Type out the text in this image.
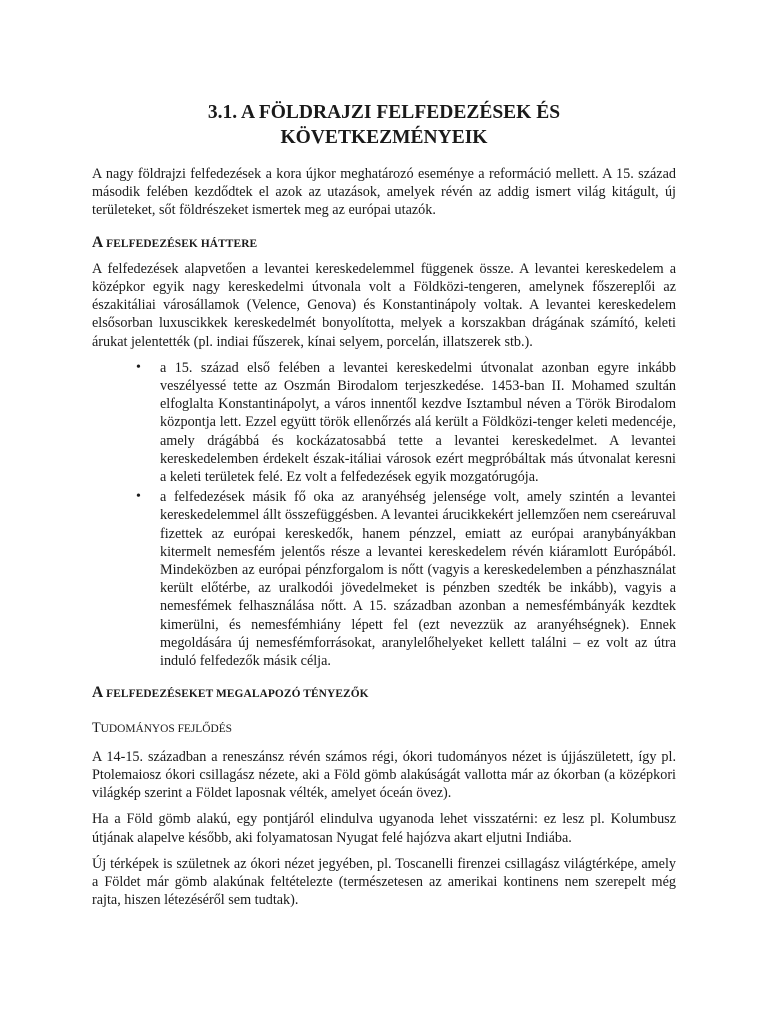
3.1. A FÖLDRAJZI FELFEDEZÉSEK ÉS
KÖVETKEZMÉNYEIK

A nagy földrajzi felfedezések a kora újkor meghatározó eseménye a reformáció mellett. A 15. század második felében kezdődtek el azok az utazások, amelyek révén az addig ismert világ kitágult, új területeket, sőt földrészeket ismertek meg az európai utazók.

A FELFEDEZÉSEK HÁTTERE

A felfedezések alapvetően a levantei kereskedelemmel függenek össze. A levantei kereskedelem a középkor egyik nagy kereskedelmi útvonala volt a Földközi-tengeren, amelynek főszereplői az északitáliai városállamok (Velence, Genova) és Konstantinápoly voltak. A levantei kereskedelem elsősorban luxuscikkek kereskedelmét bonyolította, melyek a korszakban drágának számító, keleti árukat jelentették (pl. indiai fűszerek, kínai selyem, porcelán, illatszerek stb.).

• a 15. század első felében a levantei kereskedelmi útvonalat azonban egyre inkább veszélyessé tette az Oszmán Birodalom terjeszkedése. 1453-ban II. Mohamed szultán elfoglalta Konstantinápolyt, a város innentől kezdve Isztambul néven a Török Birodalom központja lett. Ezzel együtt török ellenőrzés alá került a Földközi-tenger keleti medencéje, amely drágábbá és kockázatosabbá tette a levantei kereskedelmet. A levantei kereskedelemben érdekelt észak-itáliai városok ezért megpróbáltak más útvonalat keresni a keleti területek felé. Ez volt a felfedezések egyik mozgatórugója.
• a felfedezések másik fő oka az aranyéhség jelensége volt, amely szintén a levantei kereskedelemmel állt összefüggésben. A levantei árucikkekért jellemzően nem csereáruval fizettek az európai kereskedők, hanem pénzzel, emiatt az európai aranybányákban kitermelt nemesfém jelentős része a levantei kereskedelem révén kiáramlott Európából. Mindeközben az európai pénzforgalom is nőtt (vagyis a kereskedelemben a pénzhasználat került előtérbe, az uralkodói jövedelmeket is pénzben szedték be inkább), vagyis a nemesfémek felhasználása nőtt. A 15. században azonban a nemesfémbányák kezdtek kimerülni, és nemesfémhiány lépett fel (ezt nevezzük az aranyéhségnek). Ennek megoldására új nemesfémforrásokat, aranylelőhelyeket kellett találni – ez volt az útra induló felfedezők másik célja.
A FELFEDEZÉSEKET MEGALAPOZÓ TÉNYEZŐK
TUDOMÁNYOS FEJLŐDÉS

A 14-15. században a reneszánsz révén számos régi, ókori tudományos nézet is újjászületett, így pl. Ptolemaiosz ókori csillagász nézete, aki a Föld gömb alakúságát vallotta már az ókorban (a középkori világkép szerint a Földet laposnak vélték, amelyet óceán övez).

Ha a Föld gömb alakú, egy pontjáról elindulva ugyanoda lehet visszatérni: ez lesz pl. Kolumbusz útjának alapelve később, aki folyamatosan Nyugat felé hajózva akart eljutni Indiába.

Új térképek is születnek az ókori nézet jegyében, pl. Toscanelli firenzei csillagász világtérképe, amely a Földet már gömb alakúnak feltételezte (természetesen az amerikai kontinens nem szerepelt még rajta, hiszen létezéséről sem tudtak).
